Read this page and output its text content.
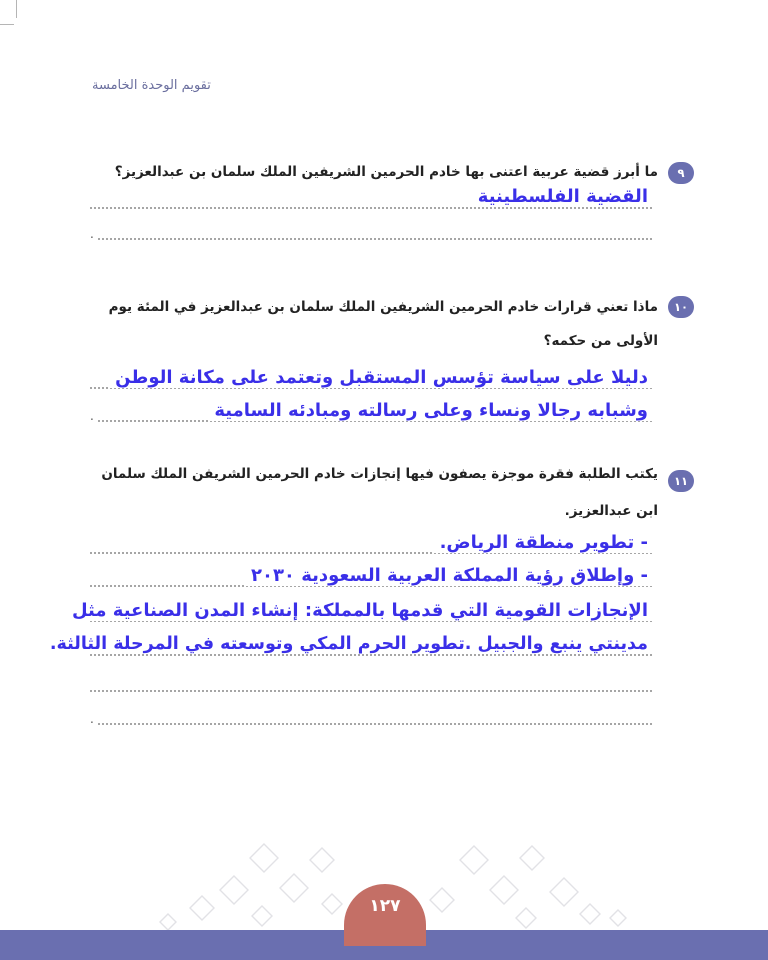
تقويم الوحدة الخامسة
٩
ما أبرز قضية عربية اعتنى بها خادم الحرمين الشريفين الملك سلمان بن عبدالعزيز؟
القضية الفلسطينية
.
١٠
ماذا تعني قرارات خادم الحرمين الشريفين الملك سلمان بن عبدالعزيز في المئة يوم
الأولى من حكمه؟
دليلا على سياسة تؤسس المستقبل وتعتمد على مكانة الوطن
وشبابه رجالا ونساء وعلى رسالته ومبادئه السامية
.
١١
يكتب الطلبة فقرة موجزة يصفون فيها إنجازات خادم الحرمين الشريفن الملك سلمان
ابن عبدالعزيز.
- تطوير منطقة الرياض.
- وإطلاق رؤية المملكة العربية السعودية ٢٠٣٠
الإنجازات القومية التي قدمها بالمملكة: إنشاء المدن الصناعية مثل
مدينتي ينبع والجبيل .تطوير الحرم المكي وتوسعته في المرحلة الثالثة.
.
١٢٧
